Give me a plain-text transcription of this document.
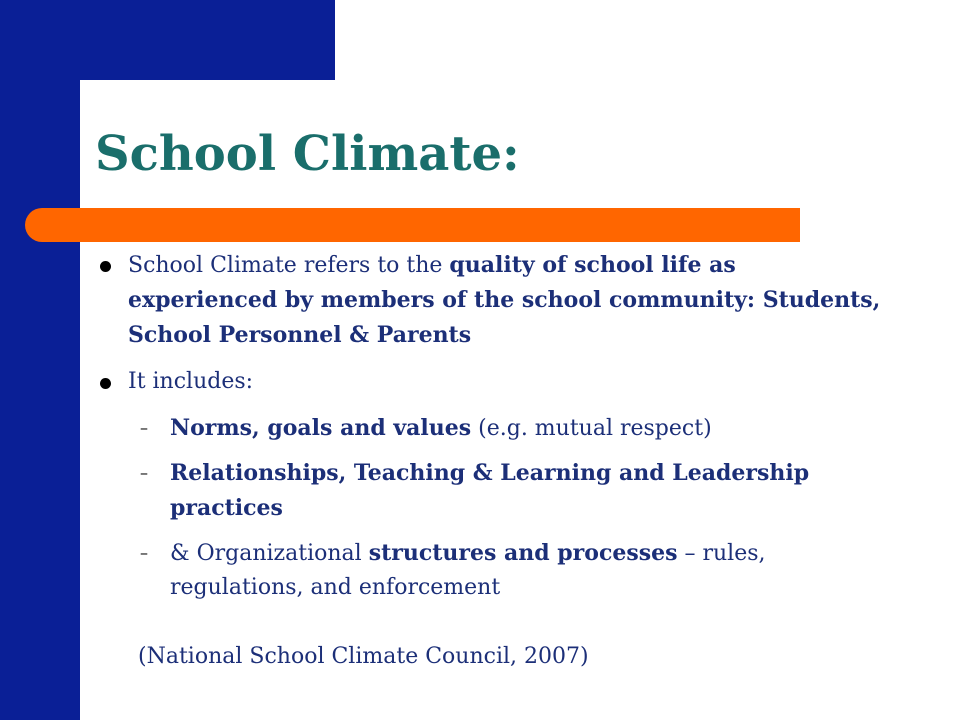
School Climate:
School Climate refers to the quality of school life as experienced by members of the school community: Students, School Personnel & Parents
It includes:
– Norms, goals and values (e.g. mutual respect)
– Relationships, Teaching & Learning and Leadership practices
– & Organizational structures and processes – rules, regulations, and enforcement

(National School Climate Council, 2007)
